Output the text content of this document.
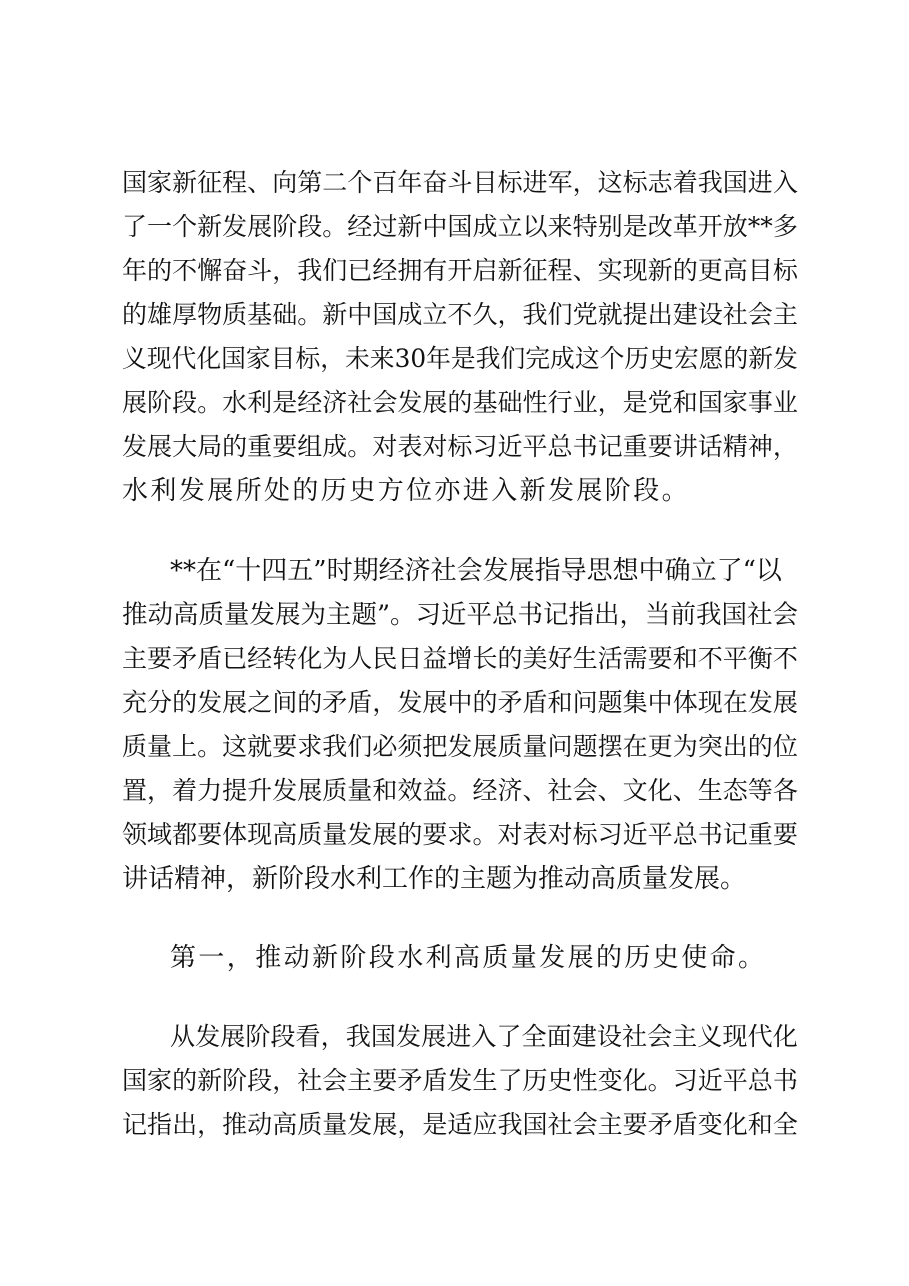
国家新征程、向第二个百年奋斗目标进军，这标志着我国进入
了一个新发展阶段。经过新中国成立以来特别是改革开放**多
年的不懈奋斗，我们已经拥有开启新征程、实现新的更高目标
的雄厚物质基础。新中国成立不久，我们党就提出建设社会主
义现代化国家目标，未来30年是我们完成这个历史宏愿的新发
展阶段。水利是经济社会发展的基础性行业，是党和国家事业
发展大局的重要组成。对表对标习近平总书记重要讲话精神，
水利发展所处的历史方位亦进入新发展阶段。
**在“十四五”时期经济社会发展指导思想中确立了“以
推动高质量发展为主题”。习近平总书记指出，当前我国社会
主要矛盾已经转化为人民日益增长的美好生活需要和不平衡不
充分的发展之间的矛盾，发展中的矛盾和问题集中体现在发展
质量上。这就要求我们必须把发展质量问题摆在更为突出的位
置，着力提升发展质量和效益。经济、社会、文化、生态等各
领域都要体现高质量发展的要求。对表对标习近平总书记重要
讲话精神，新阶段水利工作的主题为推动高质量发展。
第一，推动新阶段水利高质量发展的历史使命。
从发展阶段看，我国发展进入了全面建设社会主义现代化
国家的新阶段，社会主要矛盾发生了历史性变化。习近平总书
记指出，推动高质量发展，是适应我国社会主要矛盾变化和全
